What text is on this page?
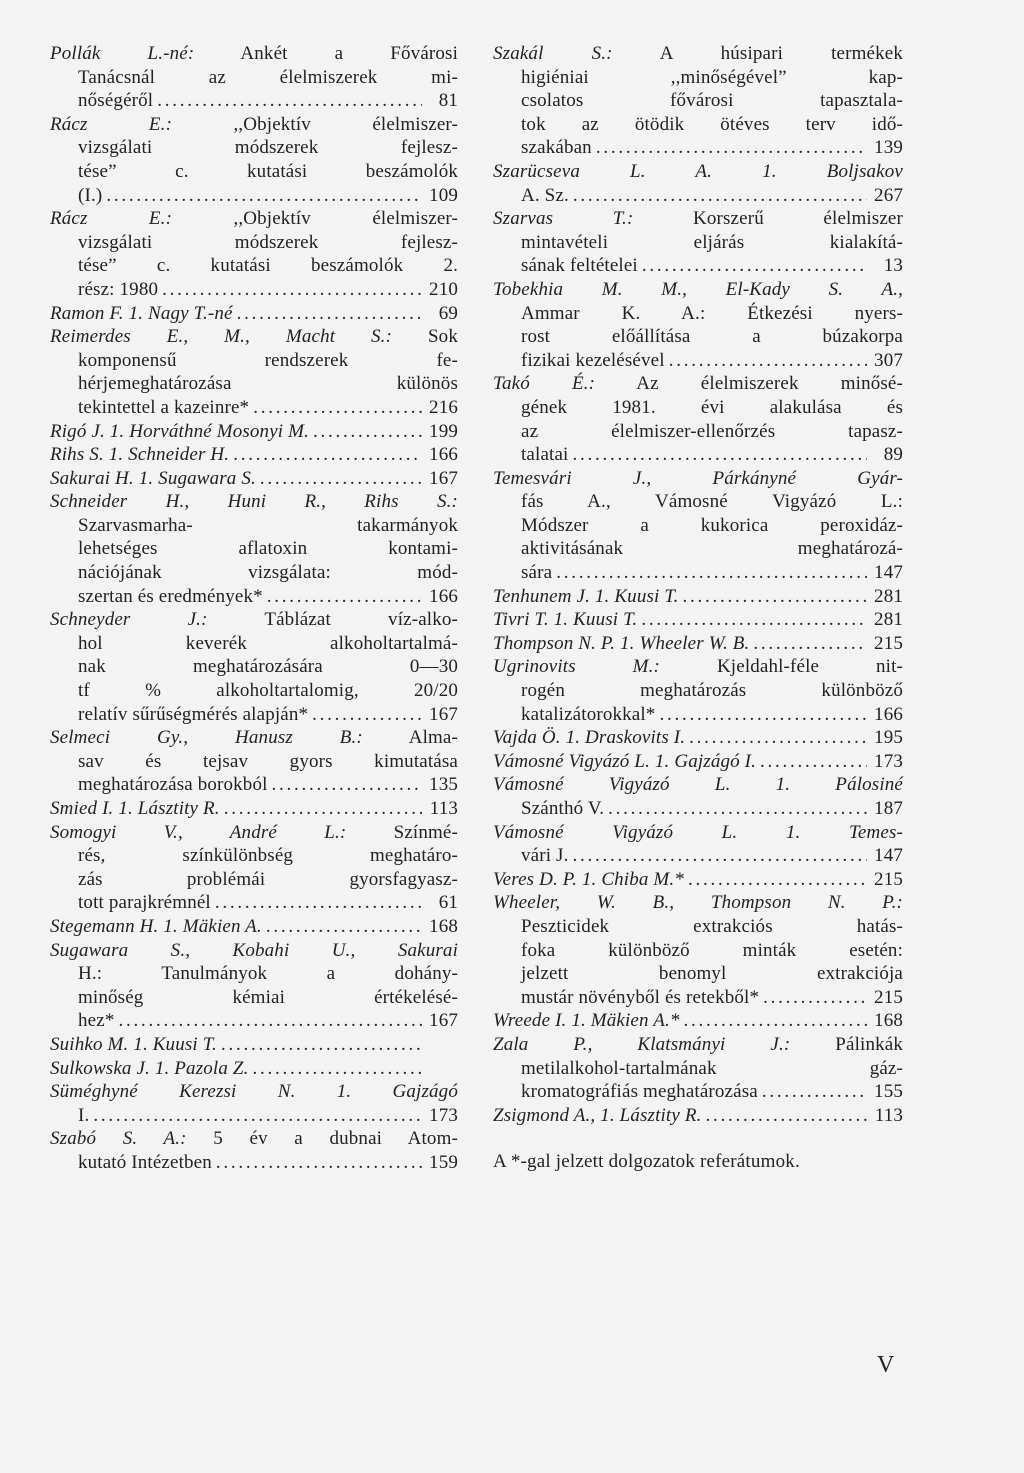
Pollák L.-né: Ankét a Fővárosi
Tanácsnál az élelmiszerek mi-
nőségéről . . .	81
Rácz E.:	,,Objektív élelmiszer-
vizsgálati módszerek fejlesz-
tése” c. kutatási beszámolók
(I.) . . .	109
Rácz E.:	,,Objektív élelmiszer-
vizsgálati módszerek fejlesz-
tése” c. kutatási beszámolók 2.
rész: 1980 . . .	210
Ramon F. 1. Nagy T.-né . . .	69
Reimerdes E., M., Macht S.: Sok
komponensű rendszerek fe-
hérjemeghatározása különös
tekintettel a kazeinre* . . .	216
Rigó J. 1. Horváthné Mosonyi M. . . .	199
Rihs S. 1. Schneider H. . . .	166
Sakurai H. 1. Sugawara S. . . .	167
Schneider H., Huni R., Rihs S.:
Szarvasmarha- takarmányok
lehetséges aflatoxin kontami-
nációjának vizsgálata: mód-
szertan és eredmények* . . .	166
Schneyder J.:	Táblázat víz-alko-
hol keverék alkoholtartalmá-
nak meghatározására 0—30
tf % alkoholtartalomig, 20/20
relatív sűrűségmérés alapján* . . .	167
Selmeci Gy., Hanusz B.: Alma-
sav és tejsav gyors kimutatása
meghatározása borokból . . .	135
Smied I. 1. Lásztity R. . . .	113
Somogyi V., André L.: Színmé-
rés, színkülönbség meghatáro-
zás problémái gyorsfagyasz-
tott parajkrémnél . . .	61
Stegemann H. 1. Mäkien A. . . .	168
Sugawara S., Kobahi U., Sakurai
H.: Tanulmányok a dohány-
minőség kémiai értékelésé-
hez* . . .	167
Suihko M. 1. Kuusi T.
. . .
Sulkowska J. 1. Pazola Z.
. . .
Süméghyné Kerezsi N. 1. Gajzágó
I. . . .	173
Szabó S. A.: 5 év a dubnai Atom-
kutató Intézetben . . .	159
Szakál S.: A húsipari termékek
higiéniai ,,minőségével” kap-
csolatos fővárosi tapasztala-
tok az ötödik ötéves terv idő-
szakában . . .	139
Szarücseva L. A. 1. Boljsakov
A. Sz. . . .	267
Szarvas T.:	Korszerű élelmiszer
mintavételi eljárás kialakítá-
sának feltételei . . .	13
Tobekhia M. M., El-Kady S. A.,
Ammar K. A.: Étkezési nyers-
rost előállítása a búzakorpa
fizikai kezelésével . . .	307
Takó É.: Az élelmiszerek minősé-
gének 1981. évi alakulása és
az élelmiszer-ellenőrzés tapasz-
talatai . . .	89
Temesvári J., Párkányné Gyár-
fás A., Vámosné Vigyázó L.:
Módszer a kukorica peroxidáz-
aktivitásának meghatározá-
sára . . .	147
Tenhunem J. 1. Kuusi T. . . .	281
Tivri T. 1. Kuusi T. . . .	281
Thompson N. P. 1. Wheeler W. B. . . .	215
Ugrinovits M.:	Kjeldahl-féle nit-
rogén meghatározás különböző
katalizátorokkal* . . .	166
Vajda Ö. 1. Draskovits I. . . .	195
Vámosné Vigyázó L. 1. Gajzágó I. . . .	173
Vámosné Vigyázó L. 1. Pálosiné
Szánthó V. . . .	187
Vámosné Vigyázó L. 1. Temes-
vári J. . . .	147
Veres D. P. 1. Chiba M.* . . .	215
Wheeler, W. B., Thompson N. P.:
Peszticidek extrakciós hatás-
foka különböző minták esetén:
jelzett benomyl extrakciója
mustár növényből és retekből* . . .	215
Wreede I. 1. Mäkien A.* . . .	168
Zala P., Klatsmányi J.: Pálinkák
metilalkohol-tartalmának gáz-
kromatográfiás meghatározása . . .	155
Zsigmond A., 1. Lásztity R. . . .	113
A *-gal jelzett dolgozatok referátumok.
V
